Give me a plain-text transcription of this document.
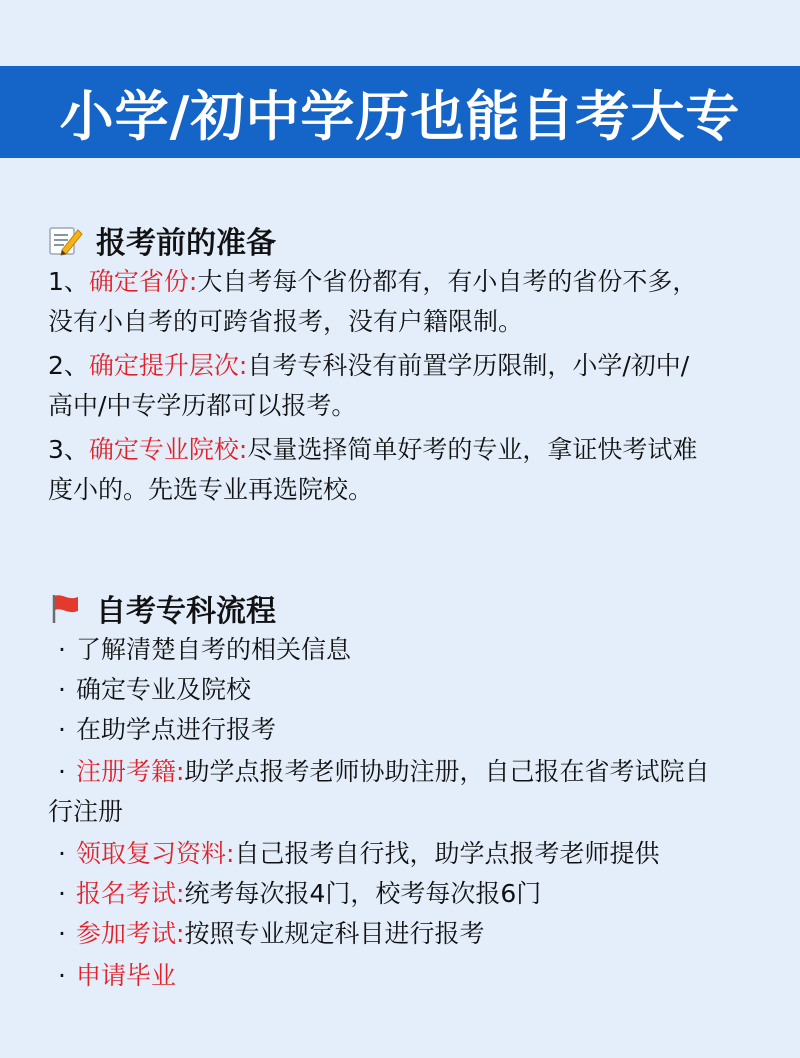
小学/初中学历也能自考大专
报考前的准备
1、确定省份:大自考每个省份都有，有小自考的省份不多，
没有小自考的可跨省报考，没有户籍限制。
2、确定提升层次:自考专科没有前置学历限制，小学/初中/
高中/中专学历都可以报考。
3、确定专业院校:尽量选择简单好考的专业，拿证快考试难
度小的。先选专业再选院校。
自考专科流程
· 了解清楚自考的相关信息
· 确定专业及院校
· 在助学点进行报考
· 注册考籍:助学点报考老师协助注册，自己报在省考试院自
行注册
· 领取复习资料:自己报考自行找，助学点报考老师提供
· 报名考试:统考每次报4门，校考每次报6门
· 参加考试:按照专业规定科目进行报考
· 申请毕业
